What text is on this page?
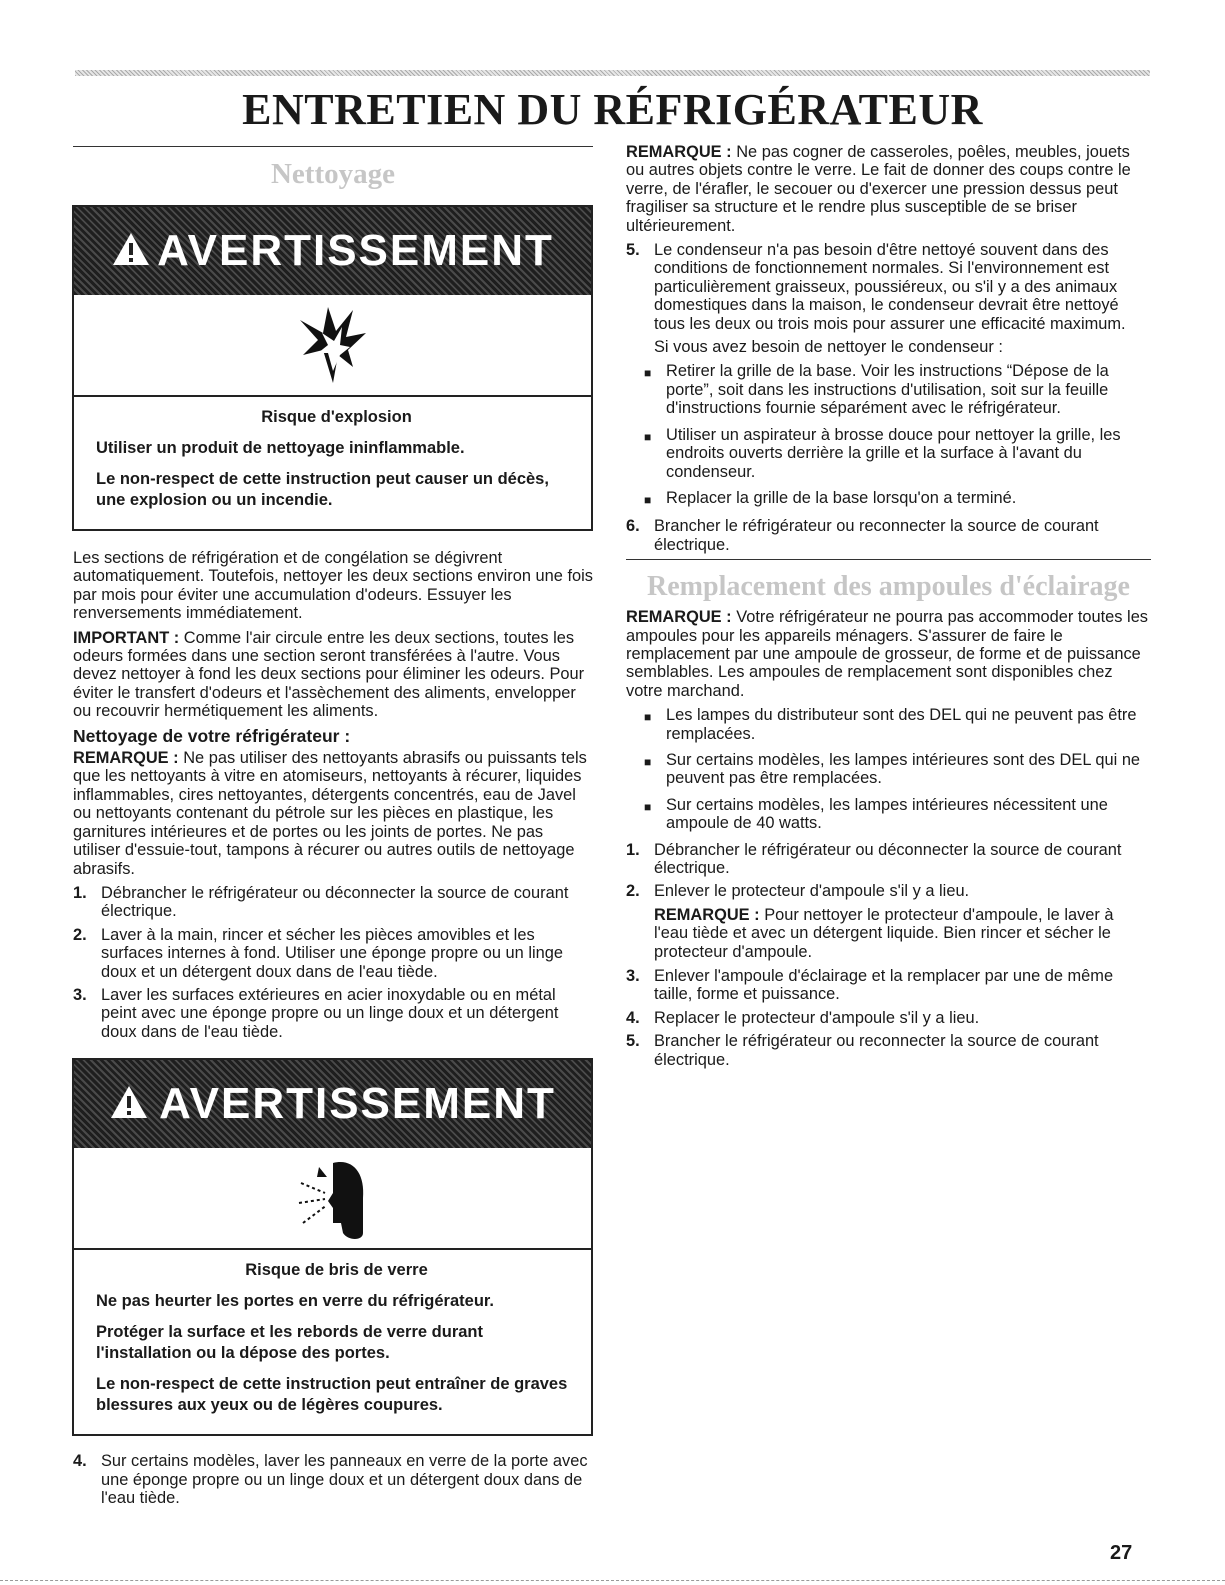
ENTRETIEN DU RÉFRIGÉRATEUR
Nettoyage
AVERTISSEMENT

Risque d'explosion

Utiliser un produit de nettoyage ininflammable.

Le non-respect de cette instruction peut causer un décès, une explosion ou un incendie.

Les sections de réfrigération et de congélation se dégivrent automatiquement. Toutefois, nettoyer les deux sections environ une fois par mois pour éviter une accumulation d'odeurs. Essuyer les renversements immédiatement.

IMPORTANT : Comme l'air circule entre les deux sections, toutes les odeurs formées dans une section seront transférées à l'autre. Vous devez nettoyer à fond les deux sections pour éliminer les odeurs. Pour éviter le transfert d'odeurs et l'assèchement des aliments, envelopper ou recouvrir hermétiquement les aliments.

Nettoyage de votre réfrigérateur :

REMARQUE : Ne pas utiliser des nettoyants abrasifs ou puissants tels que les nettoyants à vitre en atomiseurs, nettoyants à récurer, liquides inflammables, cires nettoyantes, détergents concentrés, eau de Javel ou nettoyants contenant du pétrole sur les pièces en plastique, les garnitures intérieures et de portes ou les joints de portes. Ne pas utiliser d'essuie-tout, tampons à récurer ou autres outils de nettoyage abrasifs.

1. Débrancher le réfrigérateur ou déconnecter la source de courant électrique.
2. Laver à la main, rincer et sécher les pièces amovibles et les surfaces internes à fond. Utiliser une éponge propre ou un linge doux et un détergent doux dans de l'eau tiède.
3. Laver les surfaces extérieures en acier inoxydable ou en métal peint avec une éponge propre ou un linge doux et un détergent doux dans de l'eau tiède.
AVERTISSEMENT

Risque de bris de verre

Ne pas heurter les portes en verre du réfrigérateur.

Protéger la surface et les rebords de verre durant l'installation ou la dépose des portes.

Le non-respect de cette instruction peut entraîner de graves blessures aux yeux ou de légères coupures.

4. Sur certains modèles, laver les panneaux en verre de la porte avec une éponge propre ou un linge doux et un détergent doux dans de l'eau tiède.

REMARQUE : Ne pas cogner de casseroles, poêles, meubles, jouets ou autres objets contre le verre. Le fait de donner des coups contre le verre, de l'érafler, le secouer ou d'exercer une pression dessus peut fragiliser sa structure et le rendre plus susceptible de se briser ultérieurement.

5. Le condenseur n'a pas besoin d'être nettoyé souvent dans des conditions de fonctionnement normales. Si l'environnement est particulièrement graisseux, poussiéreux, ou s'il y a des animaux domestiques dans la maison, le condenseur devrait être nettoyé tous les deux ou trois mois pour assurer une efficacité maximum.

Si vous avez besoin de nettoyer le condenseur :

■ Retirer la grille de la base. Voir les instructions “Dépose de la porte”, soit dans les instructions d'utilisation, soit sur la feuille d'instructions fournie séparément avec le réfrigérateur.
■ Utiliser un aspirateur à brosse douce pour nettoyer la grille, les endroits ouverts derrière la grille et la surface à l'avant du condenseur.
■ Replacer la grille de la base lorsqu'on a terminé.
6. Brancher le réfrigérateur ou reconnecter la source de courant électrique.
Remplacement des ampoules d'éclairage

REMARQUE : Votre réfrigérateur ne pourra pas accommoder toutes les ampoules pour les appareils ménagers. S'assurer de faire le remplacement par une ampoule de grosseur, de forme et de puissance semblables. Les ampoules de remplacement sont disponibles chez votre marchand.

■ Les lampes du distributeur sont des DEL qui ne peuvent pas être remplacées.
■ Sur certains modèles, les lampes intérieures sont des DEL qui ne peuvent pas être remplacées.
■ Sur certains modèles, les lampes intérieures nécessitent une ampoule de 40 watts.
1. Débrancher le réfrigérateur ou déconnecter la source de courant électrique.
2. Enlever le protecteur d'ampoule s'il y a lieu.

REMARQUE : Pour nettoyer le protecteur d'ampoule, le laver à l'eau tiède et avec un détergent liquide. Bien rincer et sécher le protecteur d'ampoule.

3. Enlever l'ampoule d'éclairage et la remplacer par une de même taille, forme et puissance.
4. Replacer le protecteur d'ampoule s'il y a lieu.
5. Brancher le réfrigérateur ou reconnecter la source de courant électrique.
27
